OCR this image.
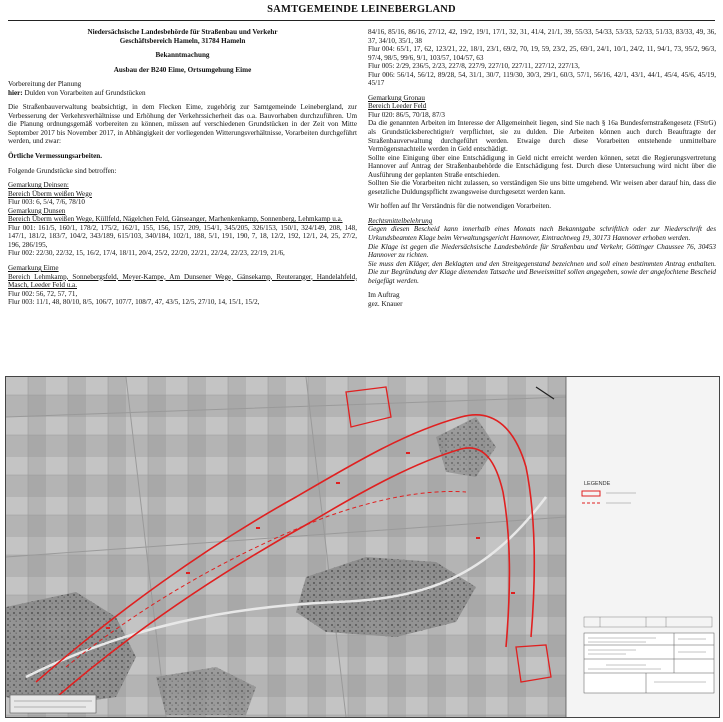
SAMTGEMEINDE LEINEBERGLAND

Niedersächsische Landesbehörde für Straßenbau und Verkehr

Geschäftsbereich Hameln, 31784 Hameln

Bekanntmachung

Ausbau der B240 Eime, Ortsumgehung Eime

Vorbereitung der Planung

hier: Dulden von Vorarbeiten auf Grundstücken

Die Straßenbauverwaltung beabsichtigt, in dem Flecken Eime, zugehörig zur Samtgemeinde Leinebergland, zur Verbesserung der Verkehrsverhältnisse und Erhöhung der Verkehrssicherheit das o.a. Bauvorhaben durchzuführen. Um die Planung ordnungsgemäß vorbereiten zu können, müssen auf verschiedenen Grundstücken in der Zeit von Mitte September 2017 bis November 2017, in Abhängigkeit der vorliegenden Witterungsverhältnisse, Vorarbeiten durchgeführt werden, und zwar:

Örtliche Vermessungsarbeiten.

Folgende Grundstücke sind betroffen:

Gemarkung Deinsen:

Bereich Überm weißen Wege

Flur 003: 6, 5/4, 7/6, 78/10

Gemarkung Dunsen

Bereich Überm weißen Wege, Küllfeld, Nägelchen Feld, Gänseanger, Marhenkenkamp, Sonnenberg, Lehmkamp u.a.

Flur 001: 161/5, 160/1, 178/2, 175/2, 162/1, 155, 156, 157, 209, 154/1, 345/205, 326/153, 150/1, 324/149, 208, 148, 147/1, 181/2, 183/7, 104/2, 343/189, 615/103, 340/184, 102/1, 188, 5/1, 191, 190, 7, 18, 12/2, 192, 12/1, 24, 25, 27/2, 196, 286/195,

Flur 002: 22/30, 22/32, 15, 16/2, 17/4, 18/11, 20/4, 25/2, 22/20, 22/21, 22/24, 22/23, 22/19, 21/6,

Gemarkung Eime

Bereich Lehmkamp, Sonnebergsfeld, Meyer-Kampe, Am Dunsener Wege, Gänsekamp, Reuteranger, Handelahfeld, Masch, Leeder Feld u.a.

Flur 002: 56, 72, 57, 71,

Flur 003: 11/1, 48, 80/10, 8/5, 106/7, 107/7, 108/7, 47, 43/5, 12/5, 27/10, 14, 15/1, 15/2,

84/16, 85/16, 86/16, 27/12, 42, 19/2, 19/1, 17/1, 32, 31, 41/4, 21/1, 39, 55/33, 54/33, 53/33, 52/33, 51/33, 83/33, 49, 36, 37, 34/10, 35/1, 38

Flur 004: 65/1, 17, 62, 123/21, 22, 18/1, 23/1, 69/2, 70, 19, 59, 23/2, 25, 69/1, 24/1, 10/1, 24/2, 11, 94/1, 73, 95/2, 96/3, 97/4, 98/5, 99/6, 9/1, 103/57, 104/57, 63

Flur 005: 2/29, 236/5, 2/23, 227/8, 227/9, 227/10, 227/11, 227/12, 227/13,

Flur 006: 56/14, 56/12, 89/28, 54, 31/1, 30/7, 119/30, 30/3, 29/1, 60/3, 57/1, 56/16, 42/1, 43/1, 44/1, 45/4, 45/6, 45/19, 45/17

Gemarkung Gronau

Bereich Leeder Feld

Flur 020: 86/5, 70/18, 87/3

Da die genannten Arbeiten im Interesse der Allgemeinheit liegen, sind Sie nach § 16a Bundesfernstraßengesetz (FStrG) als Grundstücksberechtigte/r verpflichtet, sie zu dulden. Die Arbeiten können auch durch Beauftragte der Straßenbauverwaltung durchgeführt werden. Etwaige durch diese Vorarbeiten entstehende unmittelbare Vermögensnachteile werden in Geld entschädigt.

Sollte eine Einigung über eine Entschädigung in Geld nicht erreicht werden können, setzt die Regierungsvertretung Hannover auf Antrag der Straßenbaubehörde die Entschädigung fest. Durch diese Untersuchung wird nicht über die Ausführung der geplanten Straße entschieden.

Sollten Sie die Vorarbeiten nicht zulassen, so verständigen Sie uns bitte umgehend. Wir weisen aber darauf hin, dass die gesetzliche Duldungspflicht zwangsweise durchgesetzt werden kann.

Wir hoffen auf Ihr Verständnis für die notwendigen Vorarbeiten.

Rechtsmittelbelehrung

Gegen diesen Bescheid kann innerhalb eines Monats nach Bekanntgabe schriftlich oder zur Niederschrift des Urkundsbeamten Klage beim Verwaltungsgericht Hannover, Eintrachtweg 19, 30173 Hannover erhoben werden.

Die Klage ist gegen die Niedersächsische Landesbehörde für Straßenbau und Verkehr, Göttinger Chaussee 76, 30453 Hannover zu richten.

Sie muss den Kläger, den Beklagten und den Streitgegenstand bezeichnen und soll einen bestimmten Antrag enthalten. Die zur Begründung der Klage dienenden Tatsache und Beweismittel sollen angegeben, sowie der angefochtene Bescheid beigefügt werden.

Im Auftrag

gez. Knauer

LEGENDE
